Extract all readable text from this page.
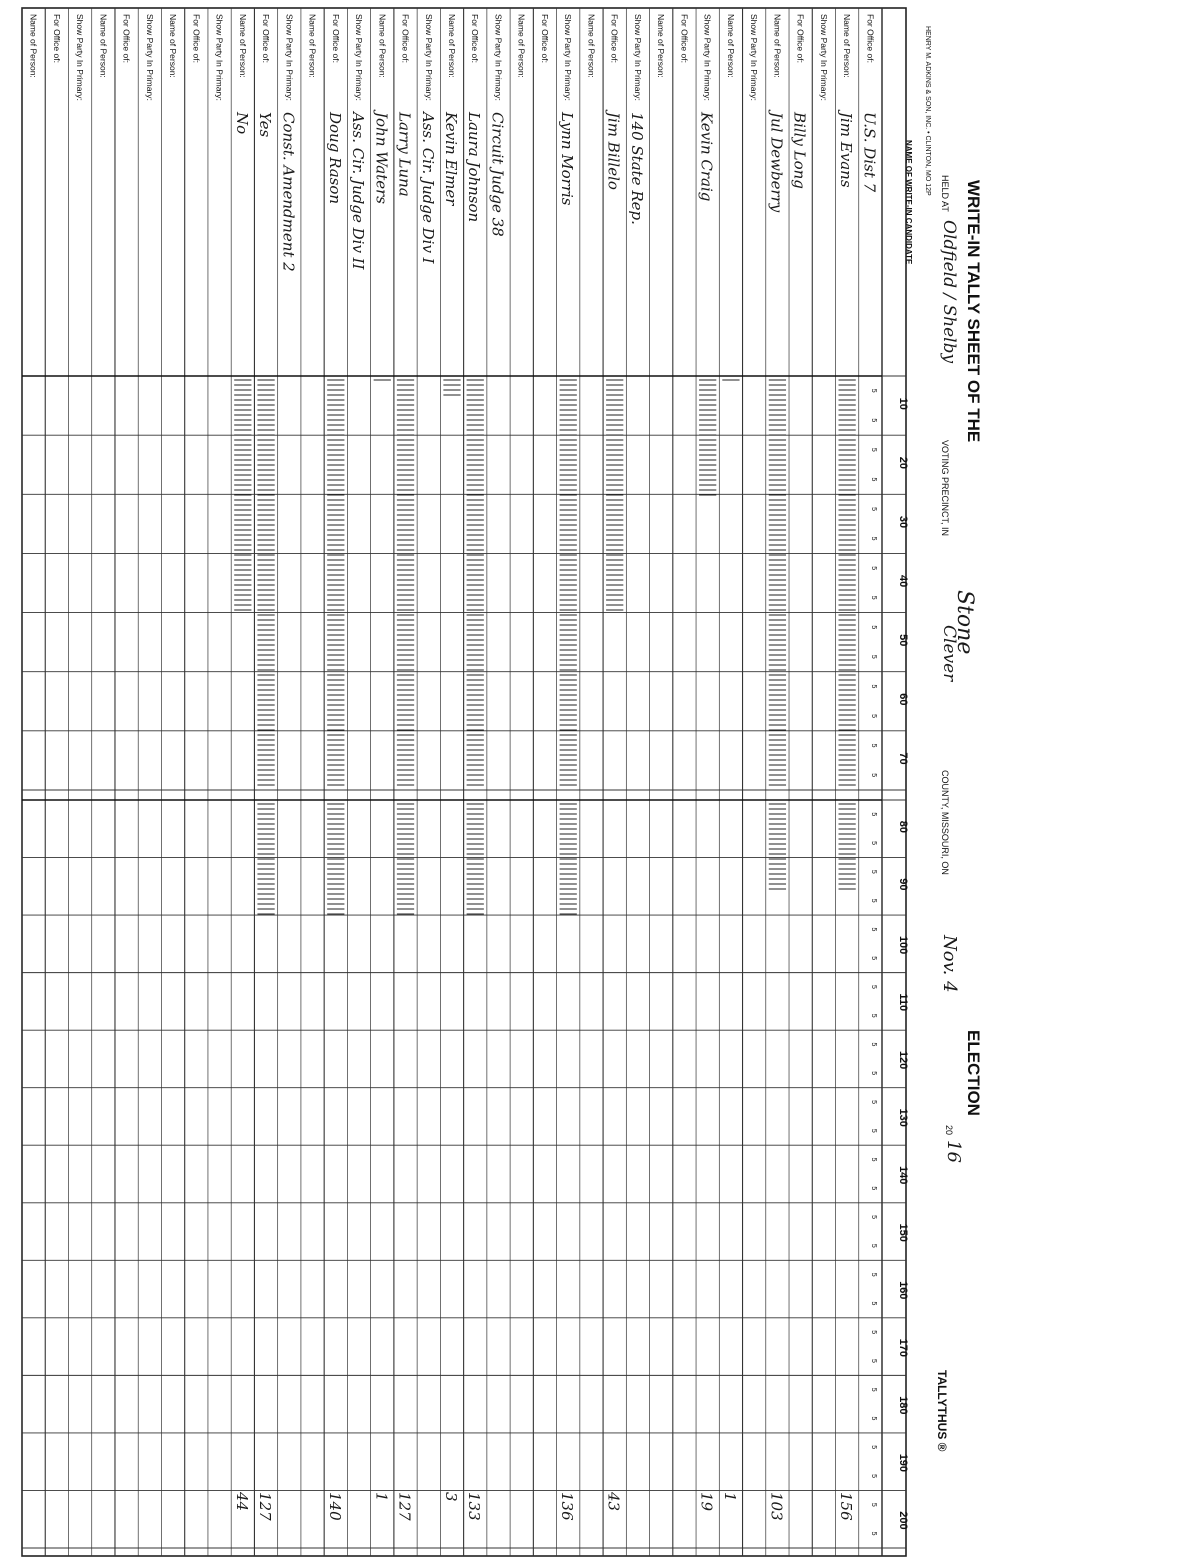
WRITE-IN TALLY SHEET OF THE
Stone
ELECTION
20
16
HELD AT
Oldfield / Shelby
VOTING PRECINCT, IN
Clever
COUNTY, MISSOURI, ON
Nov. 4
TALLYTHUS ®
HENRY M. ADKINS & SON, INC. • CLINTON, MO 12P
NAME OF WRITE-IN CANDIDATE
10
5
5
20
5
5
30
5
5
40
5
5
50
5
5
60
5
5
70
5
5
80
5
5
90
5
5
100
5
5
110
5
5
120
5
5
130
5
5
140
5
5
150
5
5
160
5
5
170
5
5
180
5
5
190
5
5
200
5
5
For Office of:
U.S. Dist 7
Name of Person:
Jim Evans
156
Show Party In Primary:
For Office of:
Billy Long
Name of Person:
Jul Dewberry
103
Show Party In Primary:
Name of Person:
1
Show Party In Primary:
Kevin Craig
19
For Office of:
Name of Person:
Show Party In Primary:
140 State Rep.
For Office of:
Jim Billelo
43
Name of Person:
Show Party In Primary:
Lynn Morris
136
For Office of:
Name of Person:
Show Party In Primary:
Circuit Judge 38
For Office of:
Laura Johnson
133
Name of Person:
Kevin Elmer
3
Show Party In Primary:
Ass. Cir. Judge Div I
For Office of:
Larry Luna
127
Name of Person:
John Waters
1
Show Party In Primary:
Ass. Cir. Judge Div II
For Office of:
Doug Rason
140
Name of Person:
Show Party In Primary:
Const. Amendment 2
For Office of:
Yes
127
Name of Person:
No
44
Show Party In Primary:
For Office of:
Name of Person:
Show Party In Primary:
For Office of:
Name of Person:
Show Party In Primary:
For Office of:
Name of Person:
